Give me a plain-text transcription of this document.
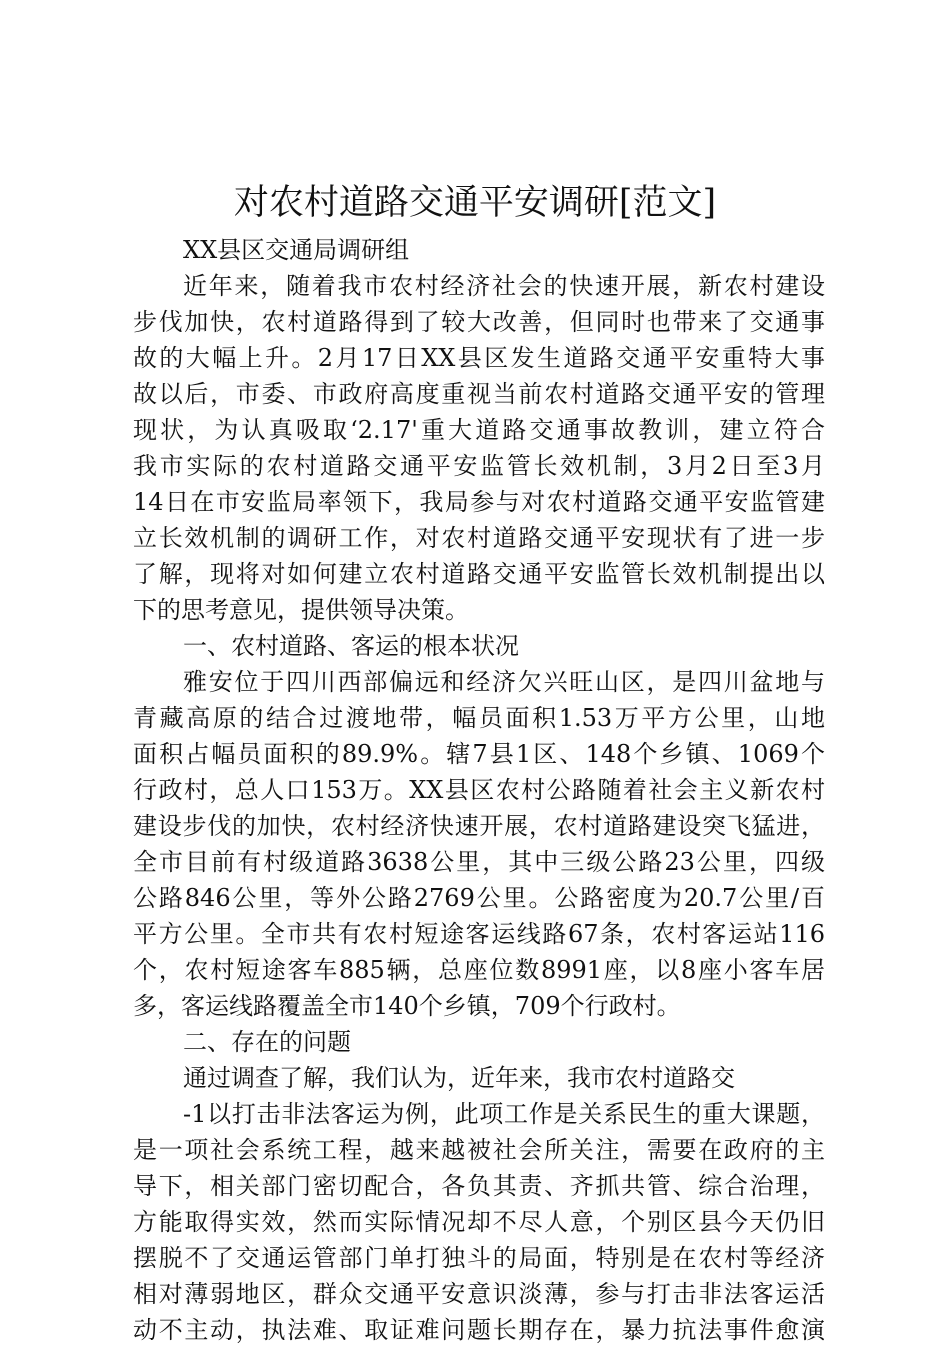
对农村道路交通平安调研[范文]
XX县区交通局调研组
近年来，随着我市农村经济社会的快速开展，新农村建设
步伐加快，农村道路得到了较大改善，但同时也带来了交通事
故的大幅上升。2月17日XX县区发生道路交通平安重特大事
故以后，市委、市政府高度重视当前农村道路交通平安的管理
现状，为认真吸取‘2.17'重大道路交通事故教训，建立符合
我市实际的农村道路交通平安监管长效机制，3月2日至3月
14日在市安监局率领下，我局参与对农村道路交通平安监管建
立长效机制的调研工作，对农村道路交通平安现状有了进一步
了解，现将对如何建立农村道路交通平安监管长效机制提出以
下的思考意见，提供领导决策。
一、农村道路、客运的根本状况
雅安位于四川西部偏远和经济欠兴旺山区，是四川盆地与
青藏高原的结合过渡地带，幅员面积1.53万平方公里，山地
面积占幅员面积的89.9%。辖7县1区、148个乡镇、1069个
行政村，总人口153万。XX县区农村公路随着社会主义新农村
建设步伐的加快，农村经济快速开展，农村道路建设突飞猛进，
全市目前有村级道路3638公里，其中三级公路23公里，四级
公路846公里，等外公路2769公里。公路密度为20.7公里/百
平方公里。全市共有农村短途客运线路67条，农村客运站116
个，农村短途客车885辆，总座位数8991座，以8座小客车居
多，客运线路覆盖全市140个乡镇，709个行政村。
二、存在的问题
通过调查了解，我们认为，近年来，我市农村道路交
-1以打击非法客运为例，此项工作是关系民生的重大课题，
是一项社会系统工程，越来越被社会所关注，需要在政府的主
导下，相关部门密切配合，各负其责、齐抓共管、综合治理，
方能取得实效，然而实际情况却不尽人意，个别区县今天仍旧
摆脱不了交通运管部门单打独斗的局面，特别是在农村等经济
相对薄弱地区，群众交通平安意识淡薄，参与打击非法客运活
动不主动，执法难、取证难问题长期存在，暴力抗法事件愈演
